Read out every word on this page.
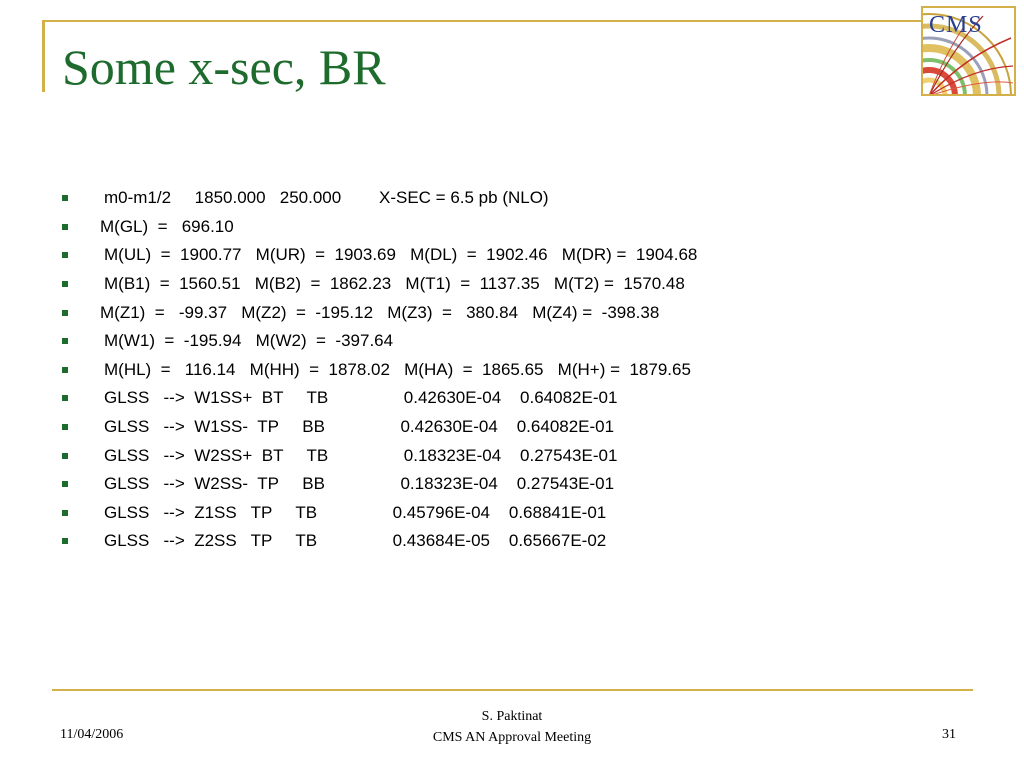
Some x-sec, BR
CMS
m0-m1/2     1850.000   250.000        X-SEC = 6.5 pb (NLO)
M(GL)  =   696.10
M(UL)  =  1900.77   M(UR)  =  1903.69   M(DL)  =  1902.46   M(DR) =  1904.68
M(B1)  =  1560.51   M(B2)  =  1862.23   M(T1)  =  1137.35   M(T2) =  1570.48
M(Z1)  =   -99.37   M(Z2)  =  -195.12   M(Z3)  =   380.84   M(Z4) =  -398.38
M(W1)  =  -195.94   M(W2)  =  -397.64
M(HL)  =   116.14   M(HH)  =  1878.02   M(HA)  =  1865.65   M(H+) =  1879.65
GLSS   -->  W1SS+  BT     TB                0.42630E-04    0.64082E-01
GLSS   -->  W1SS-  TP     BB                0.42630E-04    0.64082E-01
GLSS   -->  W2SS+  BT     TB                0.18323E-04    0.27543E-01
GLSS   -->  W2SS-  TP     BB                0.18323E-04    0.27543E-01
GLSS   -->  Z1SS   TP     TB                0.45796E-04    0.68841E-01
GLSS   -->  Z2SS   TP     TB                0.43684E-05    0.65667E-02
11/04/2006
S. Paktinat
CMS AN Approval Meeting	31
